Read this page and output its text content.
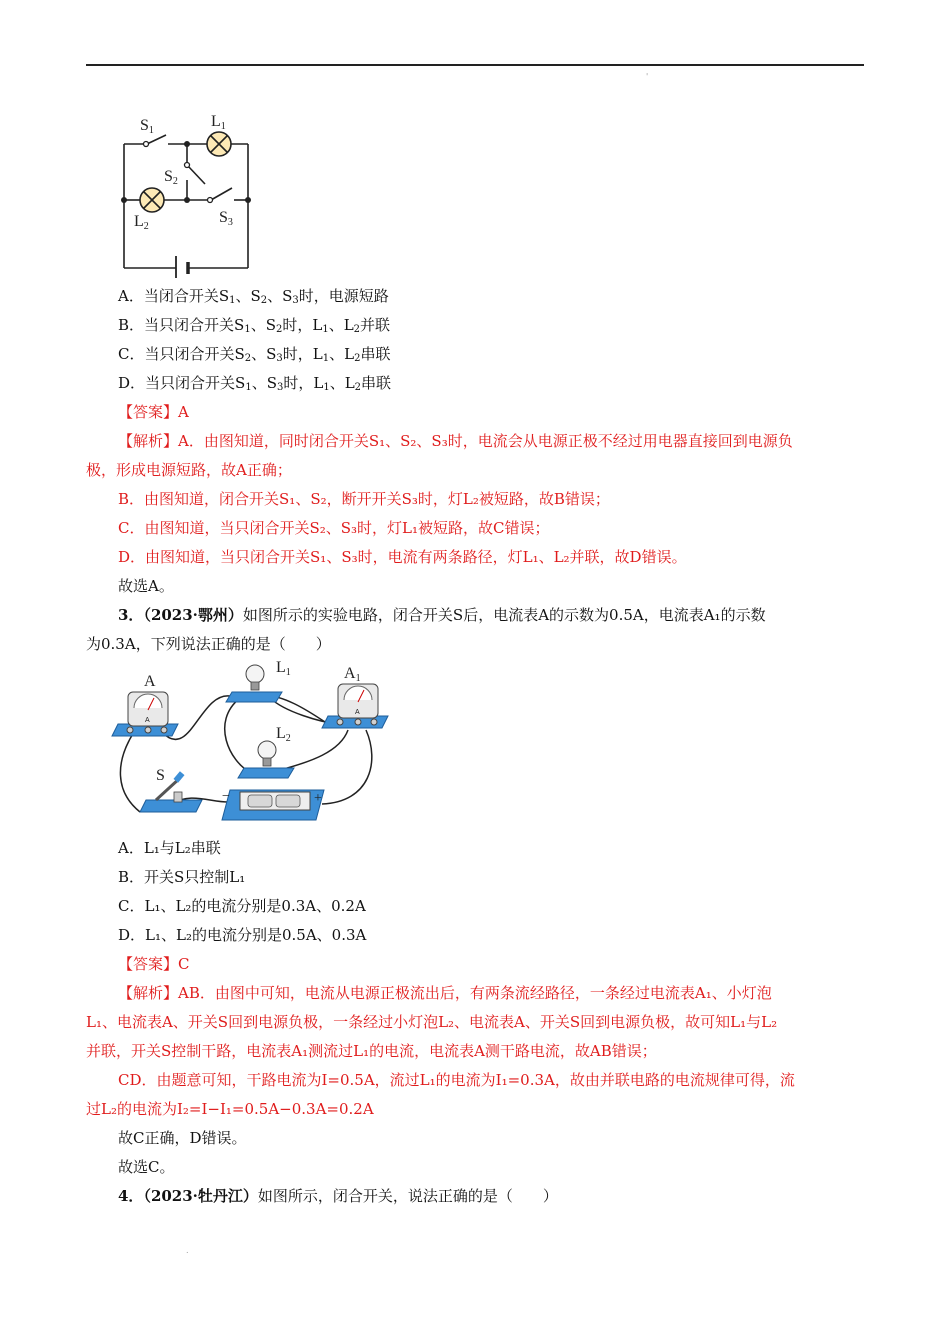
'
.
S1
L1
S2
L2
S3
A．当闭合开关$S_1$、$S_2$、$S_3$时，电源短路
B．当只闭合开关$S_1$、$S_2$时，$L_1$、$L_2$并联
C．当只闭合开关$S_2$、$S_3$时，$L_1$、$L_2$串联
D．当只闭合开关$S_1$、$S_3$时，$L_1$、$L_2$串联
【答案】A
【解析】A．由图知道，同时闭合开关S₁、S₂、S₃时，电流会从电源正极不经过用电器直接回到电源负
极，形成电源短路，故A正确；
B．由图知道，闭合开关S₁、S₂，断开开关S₃时，灯L₂被短路，故B错误；
C．由图知道，当只闭合开关S₂、S₃时，灯L₁被短路，故C错误；
D．由图知道，当只闭合开关S₁、S₃时，电流有两条路径，灯L₁、L₂并联，故D错误。
故选A。
3．（2023·鄂州）如图所示的实验电路，闭合开关S后，电流表A的示数为0.5A，电流表A₁的示数
为0.3A，下列说法正确的是（　　）
A
A
A	A1
L1
L2
S
−	+
A．L₁与L₂串联
B．开关S只控制L₁
C．L₁、L₂的电流分别是0.3A、0.2A
D．L₁、L₂的电流分别是0.5A、0.3A
【答案】C
【解析】AB．由图中可知，电流从电源正极流出后，有两条流经路径，一条经过电流表A₁、小灯泡
L₁、电流表A、开关S回到电源负极，一条经过小灯泡L₂、电流表A、开关S回到电源负极，故可知L₁与L₂
并联，开关S控制干路，电流表A₁测流过L₁的电流，电流表A测干路电流，故AB错误；
CD．由题意可知，干路电流为I=0.5A，流过L₁的电流为I₁=0.3A，故由并联电路的电流规律可得，流
过L₂的电流为I₂=I−I₁=0.5A−0.3A=0.2A
故C正确，D错误。
故选C。
4．（2023·牡丹江）如图所示，闭合开关，说法正确的是（　　）
